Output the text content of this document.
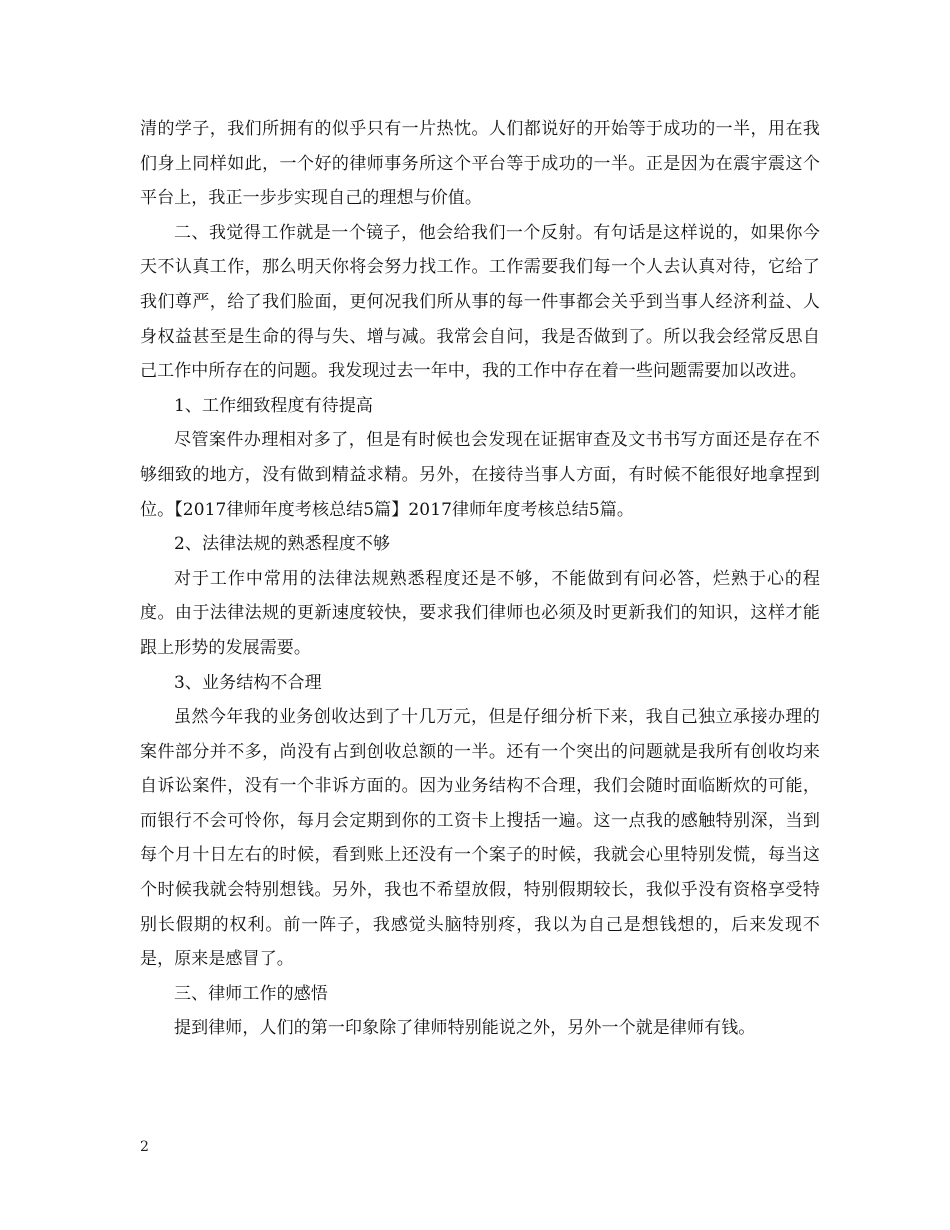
清的学子，我们所拥有的似乎只有一片热忱。人们都说好的开始等于成功的一半，用在我们身上同样如此，一个好的律师事务所这个平台等于成功的一半。正是因为在震宇震这个平台上，我正一步步实现自己的理想与价值。

二、我觉得工作就是一个镜子，他会给我们一个反射。有句话是这样说的，如果你今天不认真工作，那么明天你将会努力找工作。工作需要我们每一个人去认真对待，它给了我们尊严，给了我们脸面，更何况我们所从事的每一件事都会关乎到当事人经济利益、人身权益甚至是生命的得与失、增与减。我常会自问，我是否做到了。所以我会经常反思自己工作中所存在的问题。我发现过去一年中，我的工作中存在着一些问题需要加以改进。

1、工作细致程度有待提高

尽管案件办理相对多了，但是有时候也会发现在证据审查及文书书写方面还是存在不够细致的地方，没有做到精益求精。另外，在接待当事人方面，有时候不能很好地拿捏到位。【2017律师年度考核总结5篇】2017律师年度考核总结5篇。

2、法律法规的熟悉程度不够

对于工作中常用的法律法规熟悉程度还是不够，不能做到有问必答，烂熟于心的程度。由于法律法规的更新速度较快，要求我们律师也必须及时更新我们的知识，这样才能跟上形势的发展需要。

3、业务结构不合理

虽然今年我的业务创收达到了十几万元，但是仔细分析下来，我自己独立承接办理的案件部分并不多，尚没有占到创收总额的一半。还有一个突出的问题就是我所有创收均来自诉讼案件，没有一个非诉方面的。因为业务结构不合理，我们会随时面临断炊的可能，而银行不会可怜你，每月会定期到你的工资卡上搜括一遍。这一点我的感触特别深，当到每个月十日左右的时候，看到账上还没有一个案子的时候，我就会心里特别发慌，每当这个时候我就会特别想钱。另外，我也不希望放假，特别假期较长，我似乎没有资格享受特别长假期的权利。前一阵子，我感觉头脑特别疼，我以为自己是想钱想的，后来发现不是，原来是感冒了。

三、律师工作的感悟

提到律师，人们的第一印象除了律师特别能说之外，另外一个就是律师有钱。

2
